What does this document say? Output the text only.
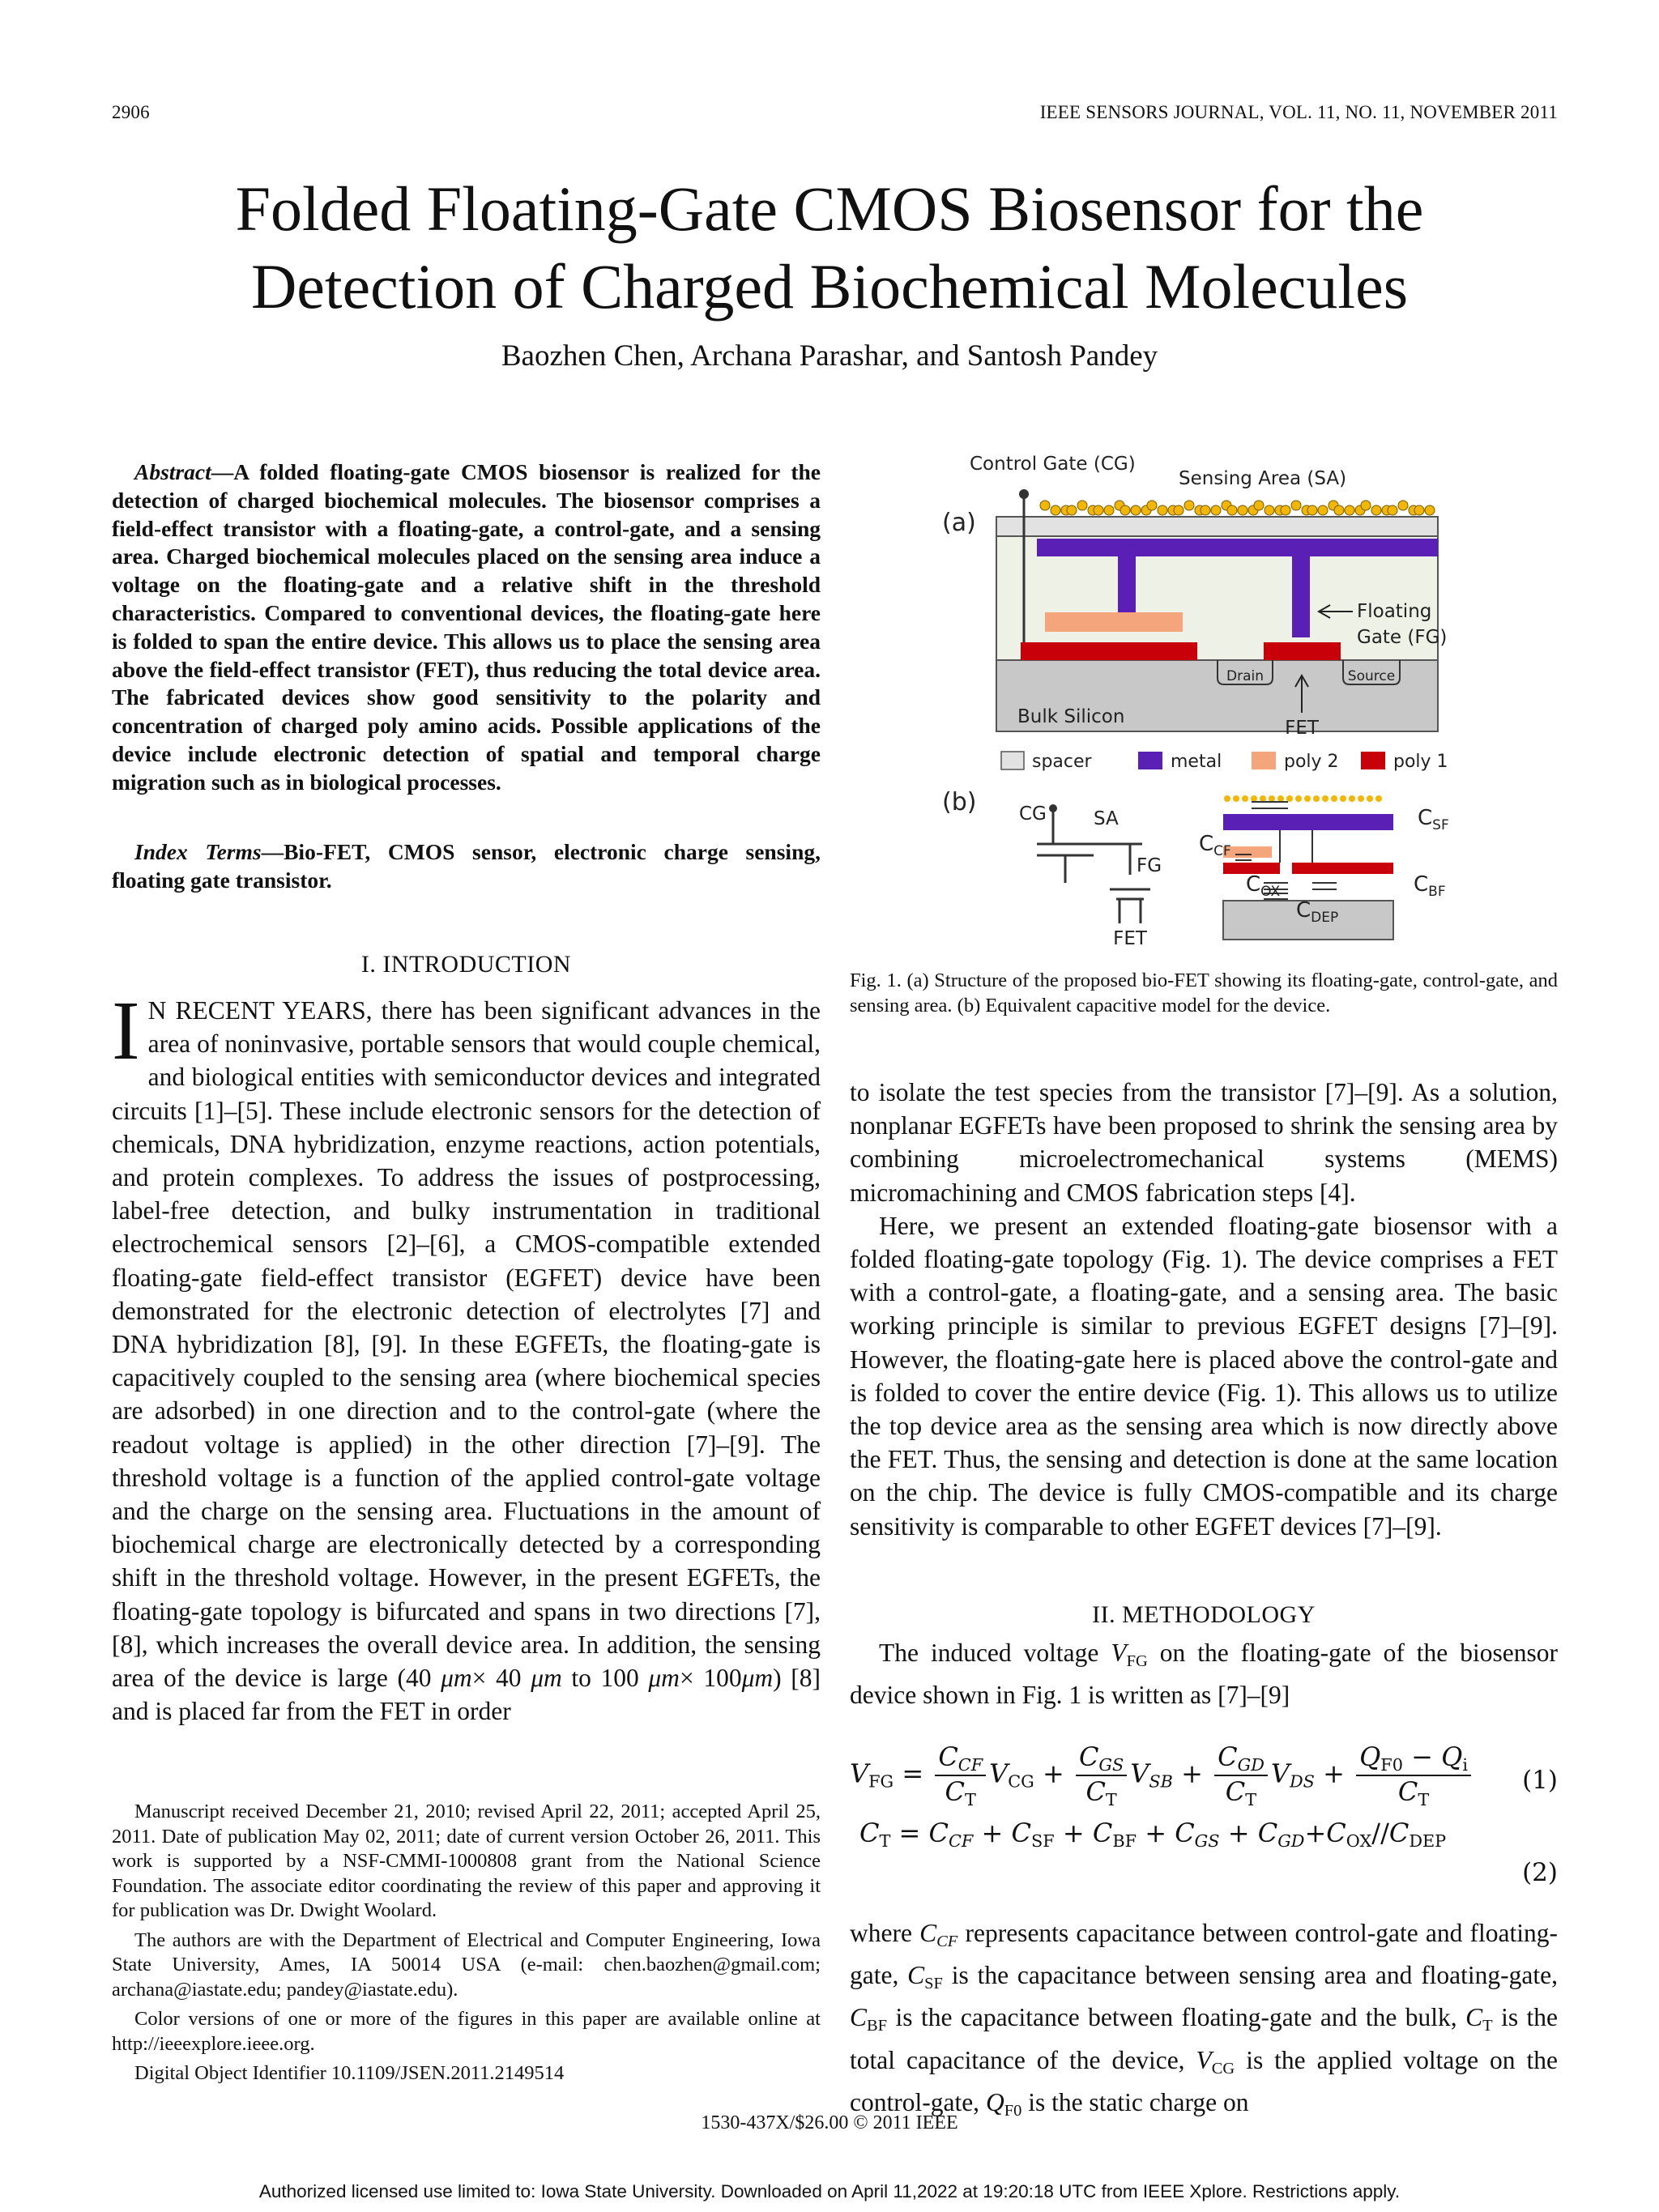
2906	IEEE SENSORS JOURNAL, VOL. 11, NO. 11, NOVEMBER 2011
Folded Floating-Gate CMOS Biosensor for the
Detection of Charged Biochemical Molecules
Baozhen Chen, Archana Parashar, and Santosh Pandey

Abstract—A folded floating-gate CMOS biosensor is realized for the detection of charged biochemical molecules. The biosensor comprises a field-effect transistor with a floating-gate, a control-gate, and a sensing area. Charged biochemical molecules placed on the sensing area induce a voltage on the floating-gate and a relative shift in the threshold characteristics. Compared to conventional devices, the floating-gate here is folded to span the entire device. This allows us to place the sensing area above the field-effect transistor (FET), thus reducing the total device area. The fabricated devices show good sensitivity to the polarity and concentration of charged poly amino acids. Possible applications of the device include electronic detection of spatial and temporal charge migration such as in biological processes.

Index Terms—Bio-FET, CMOS sensor, electronic charge sensing, floating gate transistor.

I. INTRODUCTION

I N RECENT YEARS, there has been significant advances in the area of noninvasive, portable sensors that would couple chemical, and biological entities with semiconductor devices and integrated circuits [1]–[5]. These include electronic sensors for the detection of chemicals, DNA hybridization, enzyme reactions, action potentials, and protein complexes. To address the issues of postprocessing, label-free detection, and bulky instrumentation in traditional electrochemical sensors [2]–[6], a CMOS-compatible extended floating-gate field-effect transistor (EGFET) device have been demonstrated for the electronic detection of electrolytes [7] and DNA hybridization [8], [9]. In these EGFETs, the floating-gate is capacitively coupled to the sensing area (where biochemical species are adsorbed) in one direction and to the control-gate (where the readout voltage is applied) in the other direction [7]–[9]. The threshold voltage is a function of the applied control-gate voltage and the charge on the sensing area. Fluctuations in the amount of biochemical charge are electronically detected by a corresponding shift in the threshold voltage. However, in the present EGFETs, the floating-gate topology is bifurcated and spans in two directions [7], [8], which increases the overall device area. In addition, the sensing area of the device is large (40 μm× 40 μm to 100 μm× 100μm) [8] and is placed far from the FET in order

Manuscript received December 21, 2010; revised April 22, 2011; accepted April 25, 2011. Date of publication May 02, 2011; date of current version October 26, 2011. This work is supported by a NSF-CMMI-1000808 grant from the National Science Foundation. The associate editor coordinating the review of this paper and approving it for publication was Dr. Dwight Woolard.

The authors are with the Department of Electrical and Computer Engineering, Iowa State University, Ames, IA 50014 USA (e-mail: chen.baozhen@gmail.com; archana@iastate.edu; pandey@iastate.edu).

Color versions of one or more of the figures in this paper are available online at http://ieeexplore.ieee.org.

Digital Object Identifier 10.1109/JSEN.2011.2149514

(a)
Control Gate (CG)
Sensing Area (SA)
Drain	Source
Bulk Silicon
FET
Floating
Gate (FG)
spacer	metal	poly 2	poly 1
(b) CG	SA
FG
FET
$C_{SF}$
$C_{CF}$
$C_{OX}$	$C_{BF}$
$C_{DEP}$
Fig. 1. (a) Structure of the proposed bio-FET showing its floating-gate, control-gate, and sensing area. (b) Equivalent capacitive model for the device.

to isolate the test species from the transistor [7]–[9]. As a solution, nonplanar EGFETs have been proposed to shrink the sensing area by combining microelectromechanical systems (MEMS) micromachining and CMOS fabrication steps [4].

Here, we present an extended floating-gate biosensor with a folded floating-gate topology (Fig. 1). The device comprises a FET with a control-gate, a floating-gate, and a sensing area. The basic working principle is similar to previous EGFET designs [7]–[9]. However, the floating-gate here is placed above the control-gate and is folded to cover the entire device (Fig. 1). This allows us to utilize the top device area as the sensing area which is now directly above the FET. Thus, the sensing and detection is done at the same location on the chip. The device is fully CMOS-compatible and its charge sensitivity is comparable to other EGFET devices [7]–[9].

II. METHODOLOGY

The induced voltage $V_{FG}$ on the floating-gate of the biosensor device shown in Fig. 1 is written as [7]–[9]

$V_{FG} = \frac{C_{CF}}{C_T} V_{CG} + \frac{C_{GS}}{C_T} V_{SB} + \frac{C_{GD}}{C_T} V_{DS} + \frac{Q_{F0} - Q_i}{C_T} (1)$
$C_T = C_{CF} + C_{SF} + C_{BF} + C_{GS} + C_{GD}+C_{OX}//C_{DEP}$
(2)

where $C_{CF}$ represents capacitance between control-gate and floating-gate, $C_{SF}$ is the capacitance between sensing area and floating-gate, $C_{BF}$ is the capacitance between floating-gate and the bulk, $C_T$ is the total capacitance of the device, $V_{CG}$ is the applied voltage on the control-gate, $Q_{F0}$ is the static charge on

1530-437X/$26.00 © 2011 IEEE
Authorized licensed use limited to: Iowa State University. Downloaded on April 11,2022 at 19:20:18 UTC from IEEE Xplore. Restrictions apply.
